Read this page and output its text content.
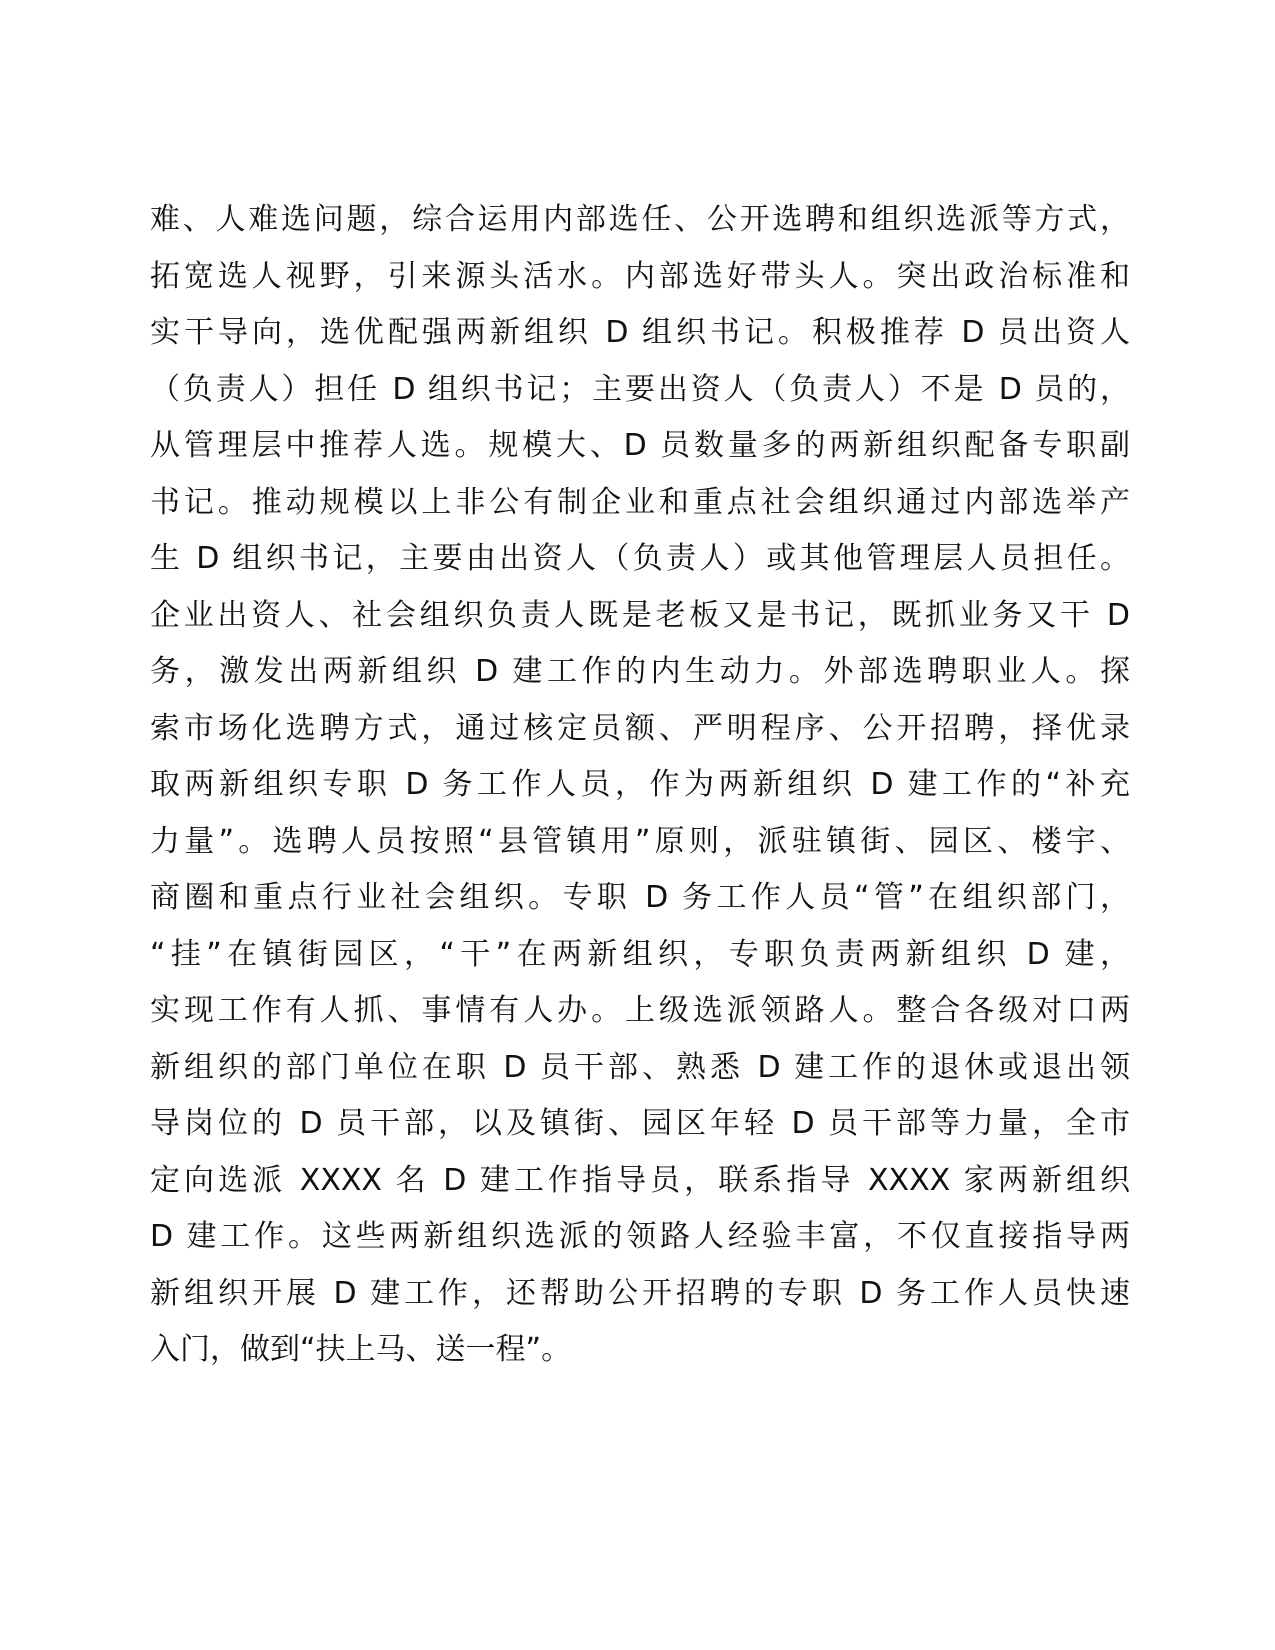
难、人难选问题，综合运用内部选任、公开选聘和组织选派等方式，
拓宽选人视野，引来源头活水。内部选好带头人。突出政治标准和
实干导向，选优配强两新组织 D 组织书记。积极推荐 D 员出资人
（负责人）担任 D 组织书记；主要出资人（负责人）不是 D 员的，
从管理层中推荐人选。规模大、D 员数量多的两新组织配备专职副
书记。推动规模以上非公有制企业和重点社会组织通过内部选举产
生 D 组织书记，主要由出资人（负责人）或其他管理层人员担任。
企业出资人、社会组织负责人既是老板又是书记，既抓业务又干 D
务，激发出两新组织 D 建工作的内生动力。外部选聘职业人。探
索市场化选聘方式，通过核定员额、严明程序、公开招聘，择优录
取两新组织专职 D 务工作人员，作为两新组织 D 建工作的“补充
力量”。选聘人员按照“县管镇用”原则，派驻镇街、园区、楼宇、
商圈和重点行业社会组织。专职 D 务工作人员“管”在组织部门，
“挂”在镇街园区，“干”在两新组织，专职负责两新组织 D 建，
实现工作有人抓、事情有人办。上级选派领路人。整合各级对口两
新组织的部门单位在职 D 员干部、熟悉 D 建工作的退休或退出领
导岗位的 D 员干部，以及镇街、园区年轻 D 员干部等力量，全市
定向选派 XXXX 名 D 建工作指导员，联系指导 XXXX 家两新组织
D 建工作。这些两新组织选派的领路人经验丰富，不仅直接指导两
新组织开展 D 建工作，还帮助公开招聘的专职 D 务工作人员快速
入门，做到“扶上马、送一程”。
